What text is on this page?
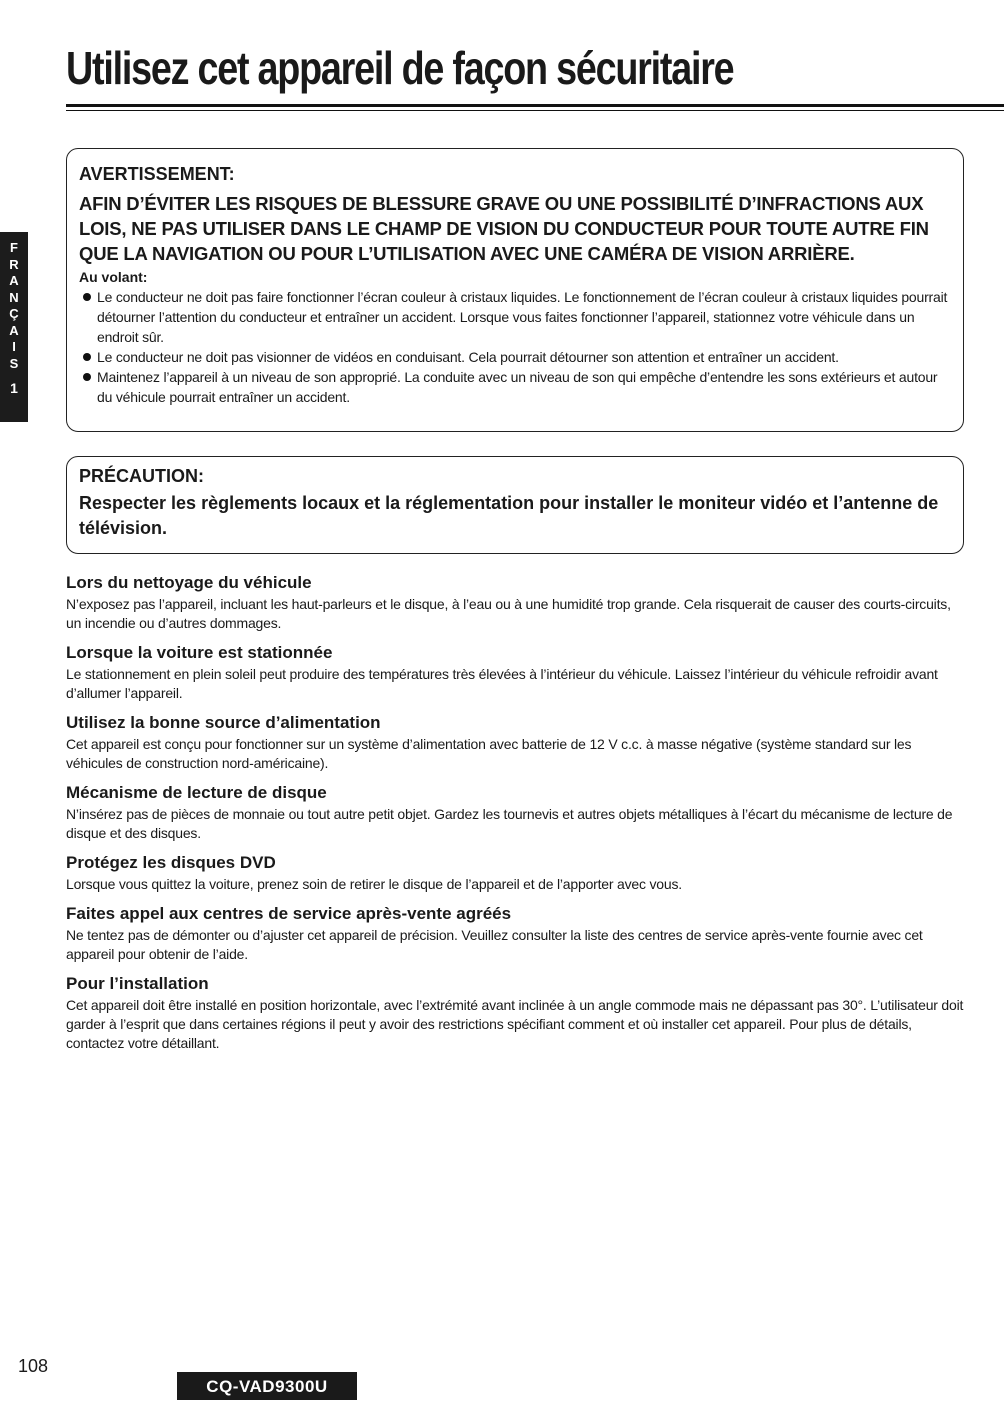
Utilisez cet appareil de façon sécuritaire
F
R
A
N
Ç
A
I
S
1

AVERTISSEMENT:

AFIN D’ÉVITER LES RISQUES DE BLESSURE GRAVE OU UNE POSSIBILITÉ D’INFRACTIONS AUX LOIS, NE PAS UTILISER DANS LE CHAMP DE VISION DU CONDUCTEUR POUR TOUTE AUTRE FIN QUE LA NAVIGATION OU POUR L’UTILISATION AVEC UNE CAMÉRA DE VISION ARRIÈRE.

Au volant:

Le conducteur ne doit pas faire fonctionner l’écran couleur à cristaux liquides. Le fonctionnement de l’écran couleur à cristaux liquides pourrait détourner l’attention du conducteur et entraîner un accident. Lorsque vous faites fonctionner l’appareil, stationnez votre véhicule dans un endroit sûr.
Le conducteur ne doit pas visionner de vidéos en conduisant. Cela pourrait détourner son attention et entraîner un accident.
Maintenez l’appareil à un niveau de son approprié. La conduite avec un niveau de son qui empêche d’entendre les sons extérieurs et autour du véhicule pourrait entraîner un accident.

PRÉCAUTION:

Respecter les règlements locaux et la réglementation pour installer le moniteur vidéo et l’antenne de télévision.

Lors du nettoyage du véhicule

N’exposez pas l’appareil, incluant les haut-parleurs et le disque, à l’eau ou à une humidité trop grande. Cela risquerait de causer des courts-circuits, un incendie ou d’autres dommages.

Lorsque la voiture est stationnée

Le stationnement en plein soleil peut produire des températures très élevées à l’intérieur du véhicule. Laissez l’intérieur du véhicule refroidir avant d’allumer l’appareil.

Utilisez la bonne source d’alimentation

Cet appareil est conçu pour fonctionner sur un système d’alimentation avec batterie de 12 V c.c. à masse négative (système standard sur les véhicules de construction nord-américaine).

Mécanisme de lecture de disque

N’insérez pas de pièces de monnaie ou tout autre petit objet. Gardez les tournevis et autres objets métalliques à l’écart du mécanisme de lecture de disque et des disques.

Protégez les disques DVD

Lorsque vous quittez la voiture, prenez soin de retirer le disque de l’appareil et de l’apporter avec vous.

Faites appel aux centres de service après-vente agréés

Ne tentez pas de démonter ou d’ajuster cet appareil de précision. Veuillez consulter la liste des centres de service après-vente fournie avec cet appareil pour obtenir de l’aide.

Pour l’installation

Cet appareil doit être installé en position horizontale, avec l’extrémité avant inclinée à un angle commode mais ne dépassant pas 30°. L’utilisateur doit garder à l’esprit que dans certaines régions il peut y avoir des restrictions spécifiant comment et où installer cet appareil. Pour plus de détails, contactez votre détaillant.

108
CQ-VAD9300U
